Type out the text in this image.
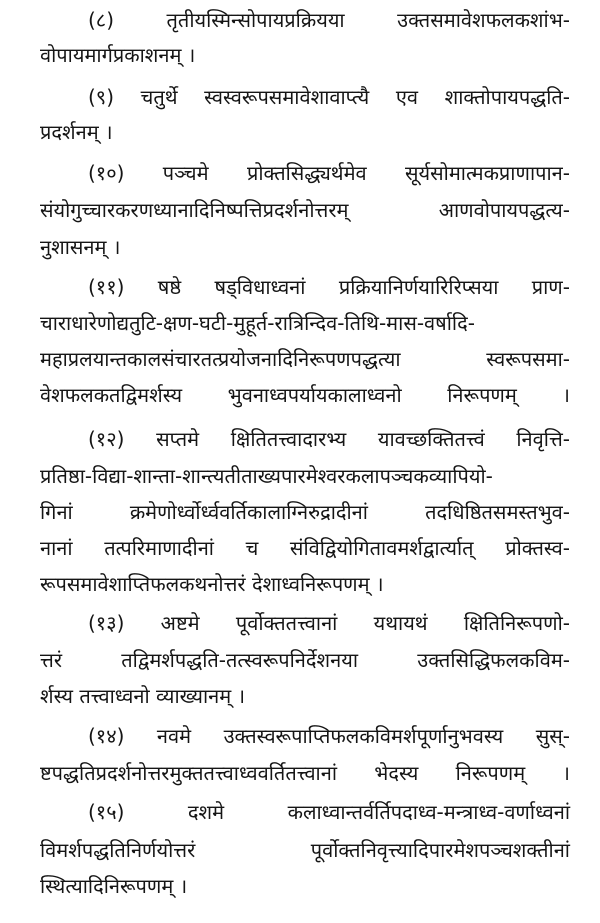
(८) तृतीयस्मिन्सोपायप्रक्रियया उक्तसमावेशफलकशांभ-
वोपायमार्गप्रकाशनम् ।
(९) चतुर्थे स्वस्वरूपसमावेशावाप्त्यै एव शाक्तोपायपद्धति-
प्रदर्शनम् ।
(१०) पञ्चमे प्रोक्तसिद्ध्यर्थमेव सूर्यसोमात्मकप्राणापान-
संयोगुच्चारकरणध्यानादिनिष्पत्तिप्रदर्शनोत्तरम् आणवोपायपद्धत्य-
नुशासनम् ।
(११) षष्ठे षड्विधाध्वनां प्रक्रियानिर्णयारिरिप्सया प्राण-
चाराधारेणोद्यतुटि-क्षण-घटी-मुहूर्त-रात्रिन्दिव-तिथि-मास-वर्षादि-
महाप्रलयान्तकालसंचारतत्प्रयोजनादिनिरूपणपद्धत्या स्वरूपसमा-
वेशफलकतद्विमर्शस्य भुवनाध्वपर्यायकालाध्वनो निरूपणम् ।
(१२) सप्तमे क्षितितत्त्वादारभ्य यावच्छक्तितत्त्वं निवृत्ति-
प्रतिष्ठा-विद्या-शान्ता-शान्त्यतीताख्यपारमेश्वरकलापञ्चकव्यापियो-
गिनां क्रमेणोर्ध्वोर्ध्ववर्तिकालाग्निरुद्रादीनां तदधिष्ठितसमस्तभुव-
नानां तत्परिमाणादीनां च संविद्वियोगितावमर्शद्वार्त्यात् प्रोक्तस्व-
रूपसमावेशाप्तिफलकथनोत्तरं देशाध्वनिरूपणम् ।
(१३) अष्टमे पूर्वोक्ततत्त्वानां यथायथं क्षितिनिरूपणो-
त्तरं तद्विमर्शपद्धति-तत्स्वरूपनिर्देशनया उक्तसिद्धिफलकविम-
र्शस्य तत्त्वाध्वनो व्याख्यानम् ।
(१४) नवमे उक्तस्वरूपाप्तिफलकविमर्शपूर्णानुभवस्य सुस्-
ष्टपद्धतिप्रदर्शनोत्तरमुक्ततत्त्वाध्ववर्तितत्त्वानां भेदस्य निरूपणम् ।
(१५) दशमे कलाध्वान्तर्वर्तिपदाध्व-मन्त्राध्व-वर्णाध्वनां
विमर्शपद्धतिनिर्णयोत्तरं पूर्वोक्तनिवृत्त्यादिपारमेशपञ्चशक्तीनां
स्थित्यादिनिरूपणम् ।
